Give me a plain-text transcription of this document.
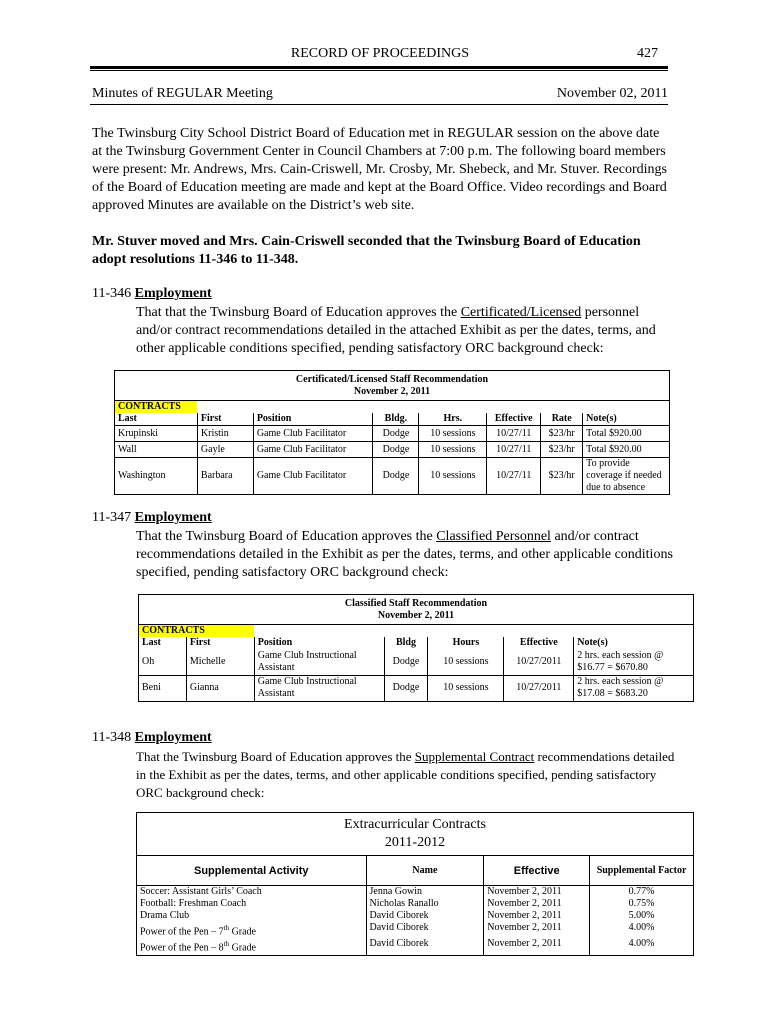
RECORD OF PROCEEDINGS	427
Minutes of REGULAR Meeting	November 02, 2011
The Twinsburg City School District Board of Education met in REGULAR session on the above date at the Twinsburg Government Center in Council Chambers at 7:00 p.m. The following board members were present: Mr. Andrews, Mrs. Cain-Criswell, Mr. Crosby, Mr. Shebeck, and Mr. Stuver. Recordings of the Board of Education meeting are made and kept at the Board Office. Video recordings and Board approved Minutes are available on the District’s web site.
Mr. Stuver moved and Mrs. Cain-Criswell seconded that the Twinsburg Board of Education adopt resolutions 11-346 to 11-348.
11-346 Employment
That that the Twinsburg Board of Education approves the Certificated/Licensed personnel and/or contract recommendations detailed in the attached Exhibit as per the dates, terms, and other applicable conditions specified, pending satisfactory ORC background check:
Certificated/Licensed Staff Recommendation
November 2, 2011							

CONTRACTS							
Last	First	Position	Bldg.	Hrs.	Effective	Rate	Note(s)
Krupinski	Kristin	Game Club Facilitator	Dodge	10 sessions	10/27/11	$23/hr	Total $920.00
Wall	Gayle	Game Club Facilitator	Dodge	10 sessions	10/27/11	$23/hr	Total $920.00
Washington	Barbara	Game Club Facilitator	Dodge	10 sessions	10/27/11	$23/hr	To provide coverage if needed due to absence
11-347 Employment
That the Twinsburg Board of Education approves the Classified Personnel and/or contract recommendations detailed in the Exhibit as per the dates, terms, and other applicable conditions specified, pending satisfactory ORC background check:
Classified Staff Recommendation
November 2, 2011						

CONTRACTS						
Last	First	Position	Bldg	Hours	Effective	Note(s)
Oh	Michelle	Game Club Instructional Assistant	Dodge	10 sessions	10/27/2011	2 hrs. each session @ $16.77 = $670.80
Beni	Gianna	Game Club Instructional Assistant	Dodge	10 sessions	10/27/2011	2 hrs. each session @ $17.08 = $683.20
11-348 Employment
That the Twinsburg Board of Education approves the Supplemental Contract recommendations detailed in the Exhibit as per the dates, terms, and other applicable conditions specified, pending satisfactory ORC background check:
Extracurricular Contracts
2011-2012			

Supplemental Activity	Name	Effective	Supplemental Factor
Soccer: Assistant Girls’ Coach	Jenna Gowin	November 2, 2011	0.77%
Football: Freshman Coach	Nicholas Ranallo	November 2, 2011	0.75%
Drama Club	David Ciborek	November 2, 2011	5.00%
Power of the Pen – 7th Grade	David Ciborek	November 2, 2011	4.00%
Power of the Pen – 8th Grade	David Ciborek	November 2, 2011	4.00%
